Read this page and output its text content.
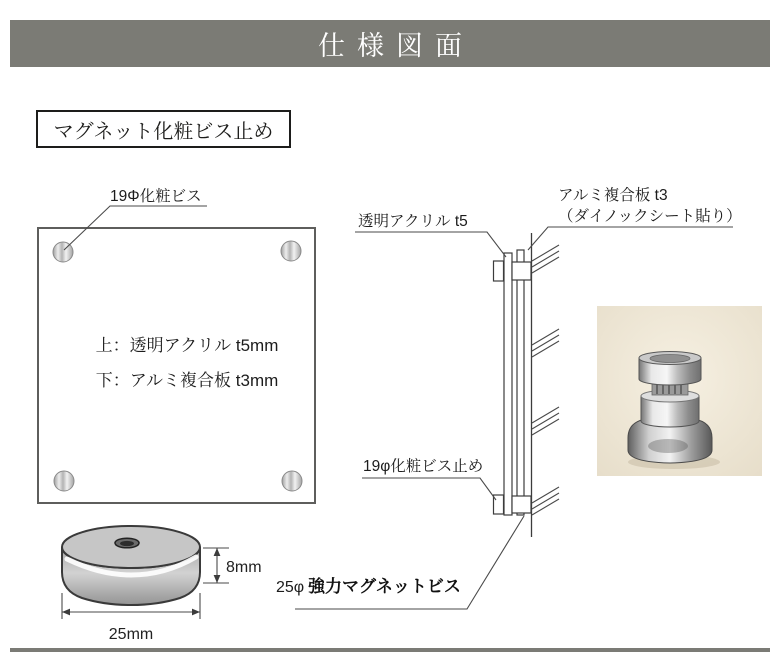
仕様図面
マグネット化粧ビス止め
19Φ化粧ビス
上：透明アクリル t5mm
下：アルミ複合板 t3mm
透明アクリル t5
アルミ複合板 t3
（ダイノックシート貼り）
19φ化粧ビス止め
25φ 強力マグネットビス
8mm
25mm
